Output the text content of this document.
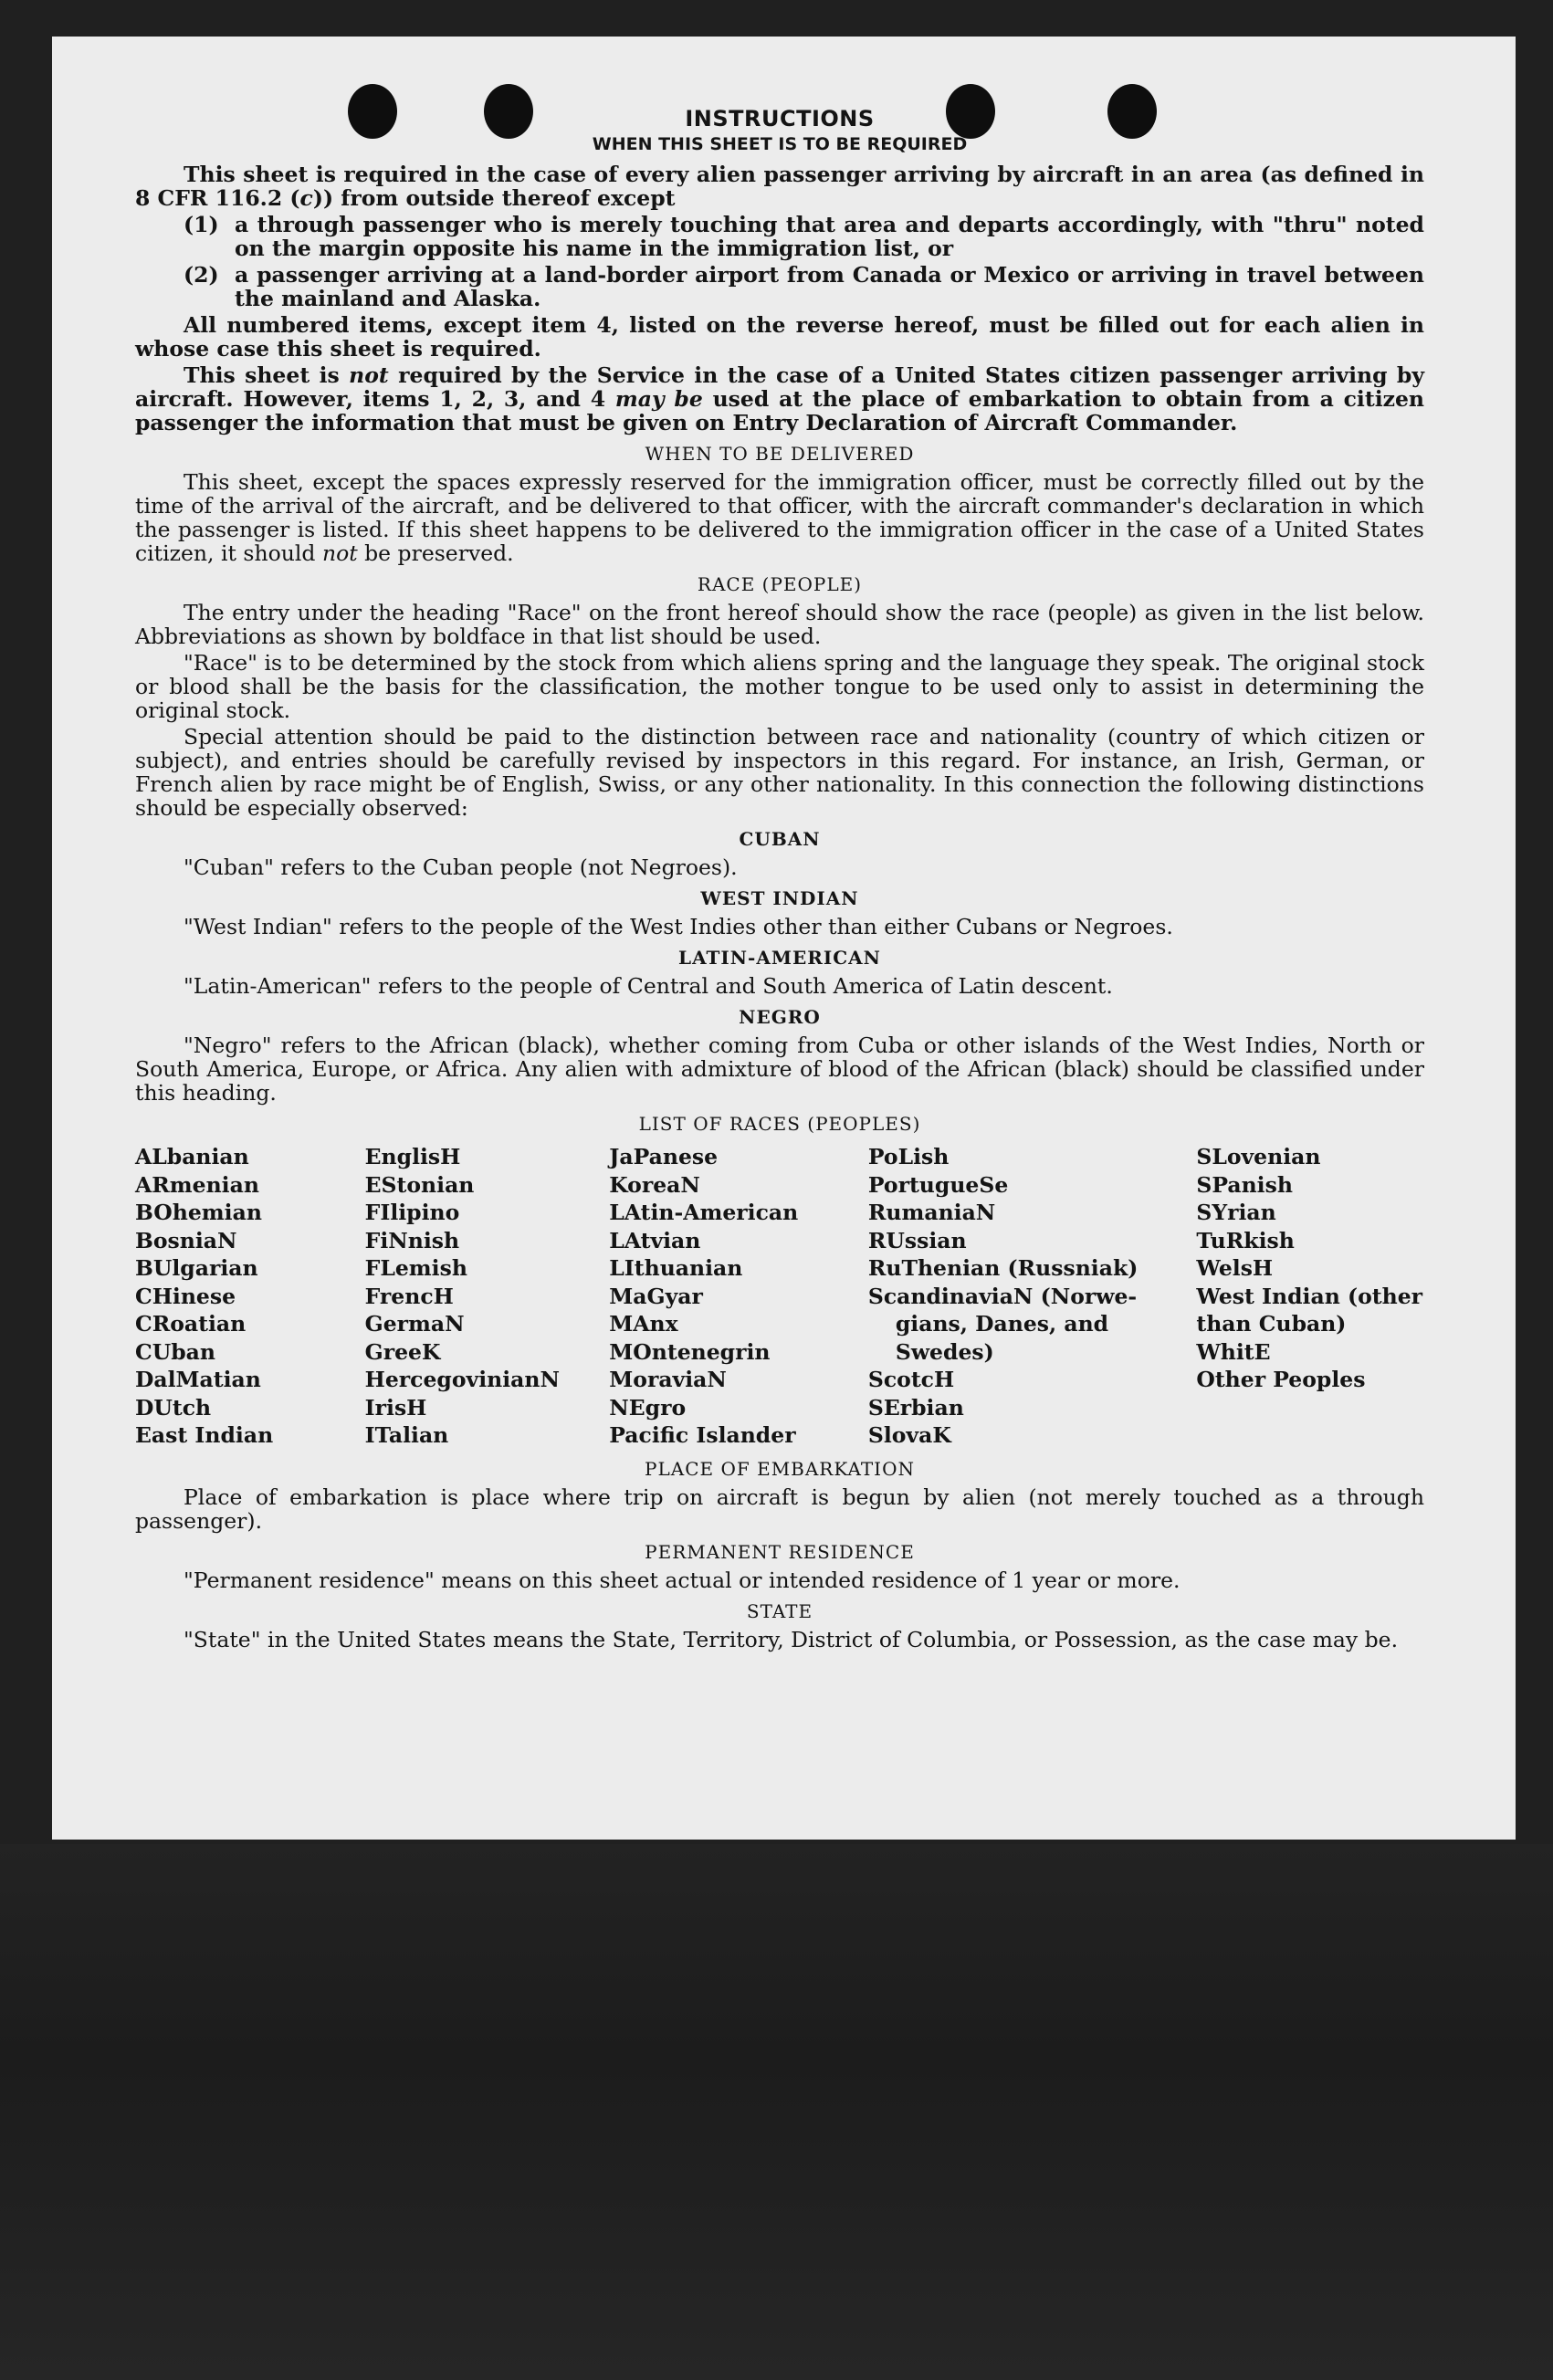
INSTRUCTIONS
WHEN THIS SHEET IS TO BE REQUIRED

This sheet is required in the case of every alien passenger arriving by aircraft in an area (as defined in 8 CFR 116.2 (c)) from outside thereof except

(1) a through passenger who is merely touching that area and departs accordingly, with "thru" noted on the margin opposite his name in the immigration list, or
(2) a passenger arriving at a land-border airport from Canada or Mexico or arriving in travel between the mainland and Alaska.

All numbered items, except item 4, listed on the reverse hereof, must be filled out for each alien in whose case this sheet is required.

This sheet is not required by the Service in the case of a United States citizen passenger arriving by aircraft. However, items 1, 2, 3, and 4 may be used at the place of embarkation to obtain from a citizen passenger the information that must be given on Entry Declaration of Aircraft Commander.

WHEN TO BE DELIVERED

This sheet, except the spaces expressly reserved for the immigration officer, must be correctly filled out by the time of the arrival of the aircraft, and be delivered to that officer, with the aircraft commander's declaration in which the passenger is listed. If this sheet happens to be delivered to the immigration officer in the case of a United States citizen, it should not be preserved.

RACE (PEOPLE)

The entry under the heading "Race" on the front hereof should show the race (people) as given in the list below. Abbreviations as shown by boldface in that list should be used.

"Race" is to be determined by the stock from which aliens spring and the language they speak. The original stock or blood shall be the basis for the classification, the mother tongue to be used only to assist in determining the original stock.

Special attention should be paid to the distinction between race and nationality (country of which citizen or subject), and entries should be carefully revised by inspectors in this regard. For instance, an Irish, German, or French alien by race might be of English, Swiss, or any other nationality. In this connection the following distinctions should be especially observed:

CUBAN

"Cuban" refers to the Cuban people (not Negroes).

WEST INDIAN

"West Indian" refers to the people of the West Indies other than either Cubans or Negroes.

LATIN-AMERICAN

"Latin-American" refers to the people of Central and South America of Latin descent.

NEGRO

"Negro" refers to the African (black), whether coming from Cuba or other islands of the West Indies, North or South America, Europe, or Africa. Any alien with admixture of blood of the African (black) should be classified under this heading.

LIST OF RACES (PEOPLES)
ALbanian
ARmenian
BOhemian
BosniaN
BUlgarian
CHinese
CRoatian
CUban
DalMatian
DUtch
East Indian
EnglisH
EStonian
FIlipino
FiNnish
FLemish
FrencH
GermaN
GreeK
HercegovinianN
IrisH
ITalian
JaPanese
KoreaN
LAtin-American
LAtvian
LIthuanian
MaGyar
MAnx
MOntenegrin
MoraviaN
NEgro
Pacific Islander
PoLish
PortugueSe
RumaniaN
RUssian
RuThenian (Russniak)
ScandinaviaN (Norwe-
gians, Danes, and
Swedes)
ScotcH
SErbian
SlovaK
SLovenian
SPanish
SYrian
TuRkish
WelsH
West Indian (other
than Cuban)
WhitE
Other Peoples
PLACE OF EMBARKATION

Place of embarkation is place where trip on aircraft is begun by alien (not merely touched as a through passenger).

PERMANENT RESIDENCE

"Permanent residence" means on this sheet actual or intended residence of 1 year or more.

STATE

"State" in the United States means the State, Territory, District of Columbia, or Possession, as the case may be.
